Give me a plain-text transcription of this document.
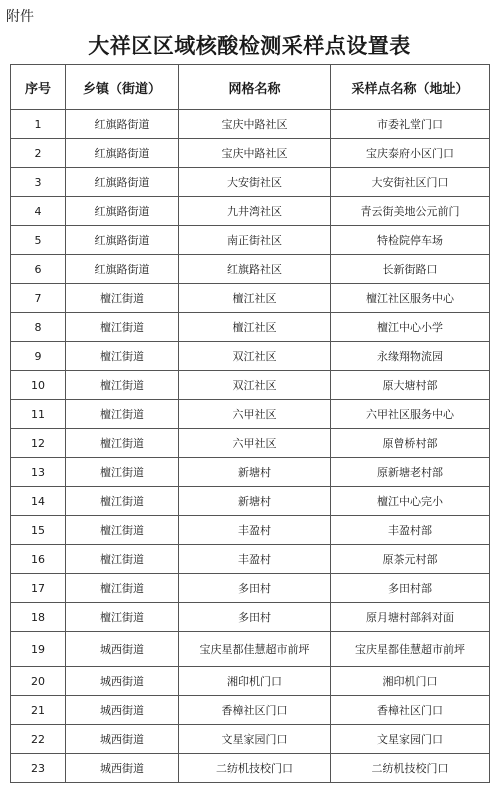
附件
大祥区区域核酸检测采样点设置表
序号	乡镇（街道）	网格名称	采样点名称（地址）
1	红旗路街道	宝庆中路社区	市委礼堂门口
2	红旗路街道	宝庆中路社区	宝庆泰府小区门口
3	红旗路街道	大安街社区	大安街社区门口
4	红旗路街道	九井湾社区	青云街美地公元前门
5	红旗路街道	南正街社区	特检院停车场
6	红旗路街道	红旗路社区	长新街路口
7	檀江街道	檀江社区	檀江社区服务中心
8	檀江街道	檀江社区	檀江中心小学
9	檀江街道	双江社区	永缘翔物流园
10	檀江街道	双江社区	原大塘村部
11	檀江街道	六甲社区	六甲社区服务中心
12	檀江街道	六甲社区	原曾桥村部
13	檀江街道	新塘村	原新塘老村部
14	檀江街道	新塘村	檀江中心完小
15	檀江街道	丰盈村	丰盈村部
16	檀江街道	丰盈村	原茶元村部
17	檀江街道	多田村	多田村部
18	檀江街道	多田村	原月塘村部斜对面
19	城西街道	宝庆星都佳慧超市前坪	宝庆星都佳慧超市前坪
20	城西街道	湘印机门口	湘印机门口
21	城西街道	香樟社区门口	香樟社区门口
22	城西街道	文星家园门口	文星家园门口
23	城西街道	二纺机技校门口	二纺机技校门口
